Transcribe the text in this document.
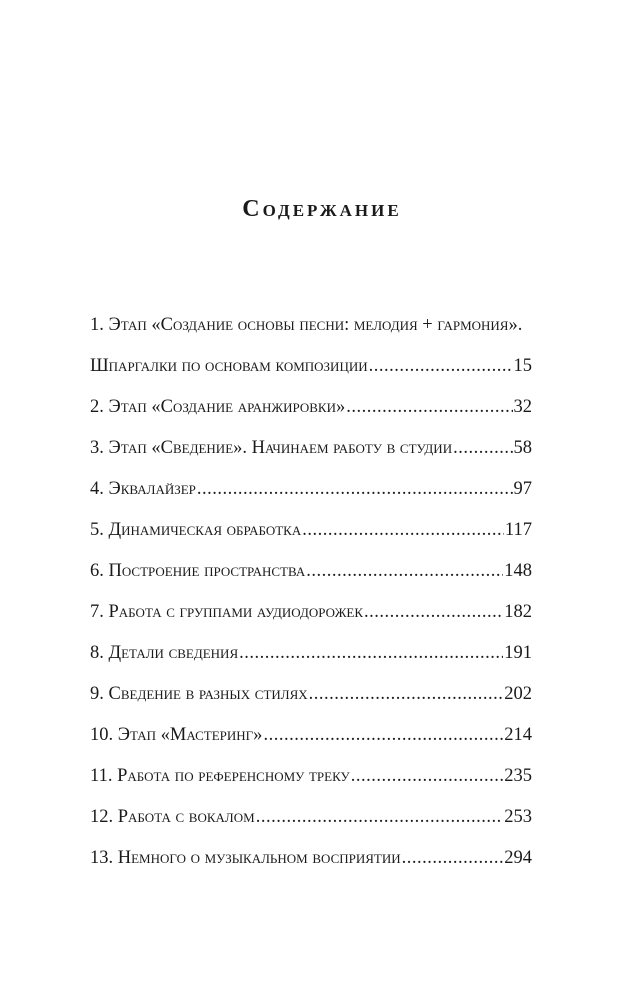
Содержание
1. Этап «Создание основы песни: мелодия + гармония».
Шпаргалки по основам композиции .....	15
2. Этап «Создание аранжировки» .....	32
3. Этап «Сведение». Начинаем работу в студии .....	58
4. Эквалайзер .....	97
5. Динамическая обработка .....	117
6. Построение пространства .....	148
7. Работа с группами аудиодорожек .....	182
8. Детали сведения .....	191
9. Сведение в разных стилях .....	202
10. Этап «Мастеринг» .....	214
11. Работа по референсному треку .....	235
12. Работа с вокалом .....	253
13. Немного о музыкальном восприятии .....	294
